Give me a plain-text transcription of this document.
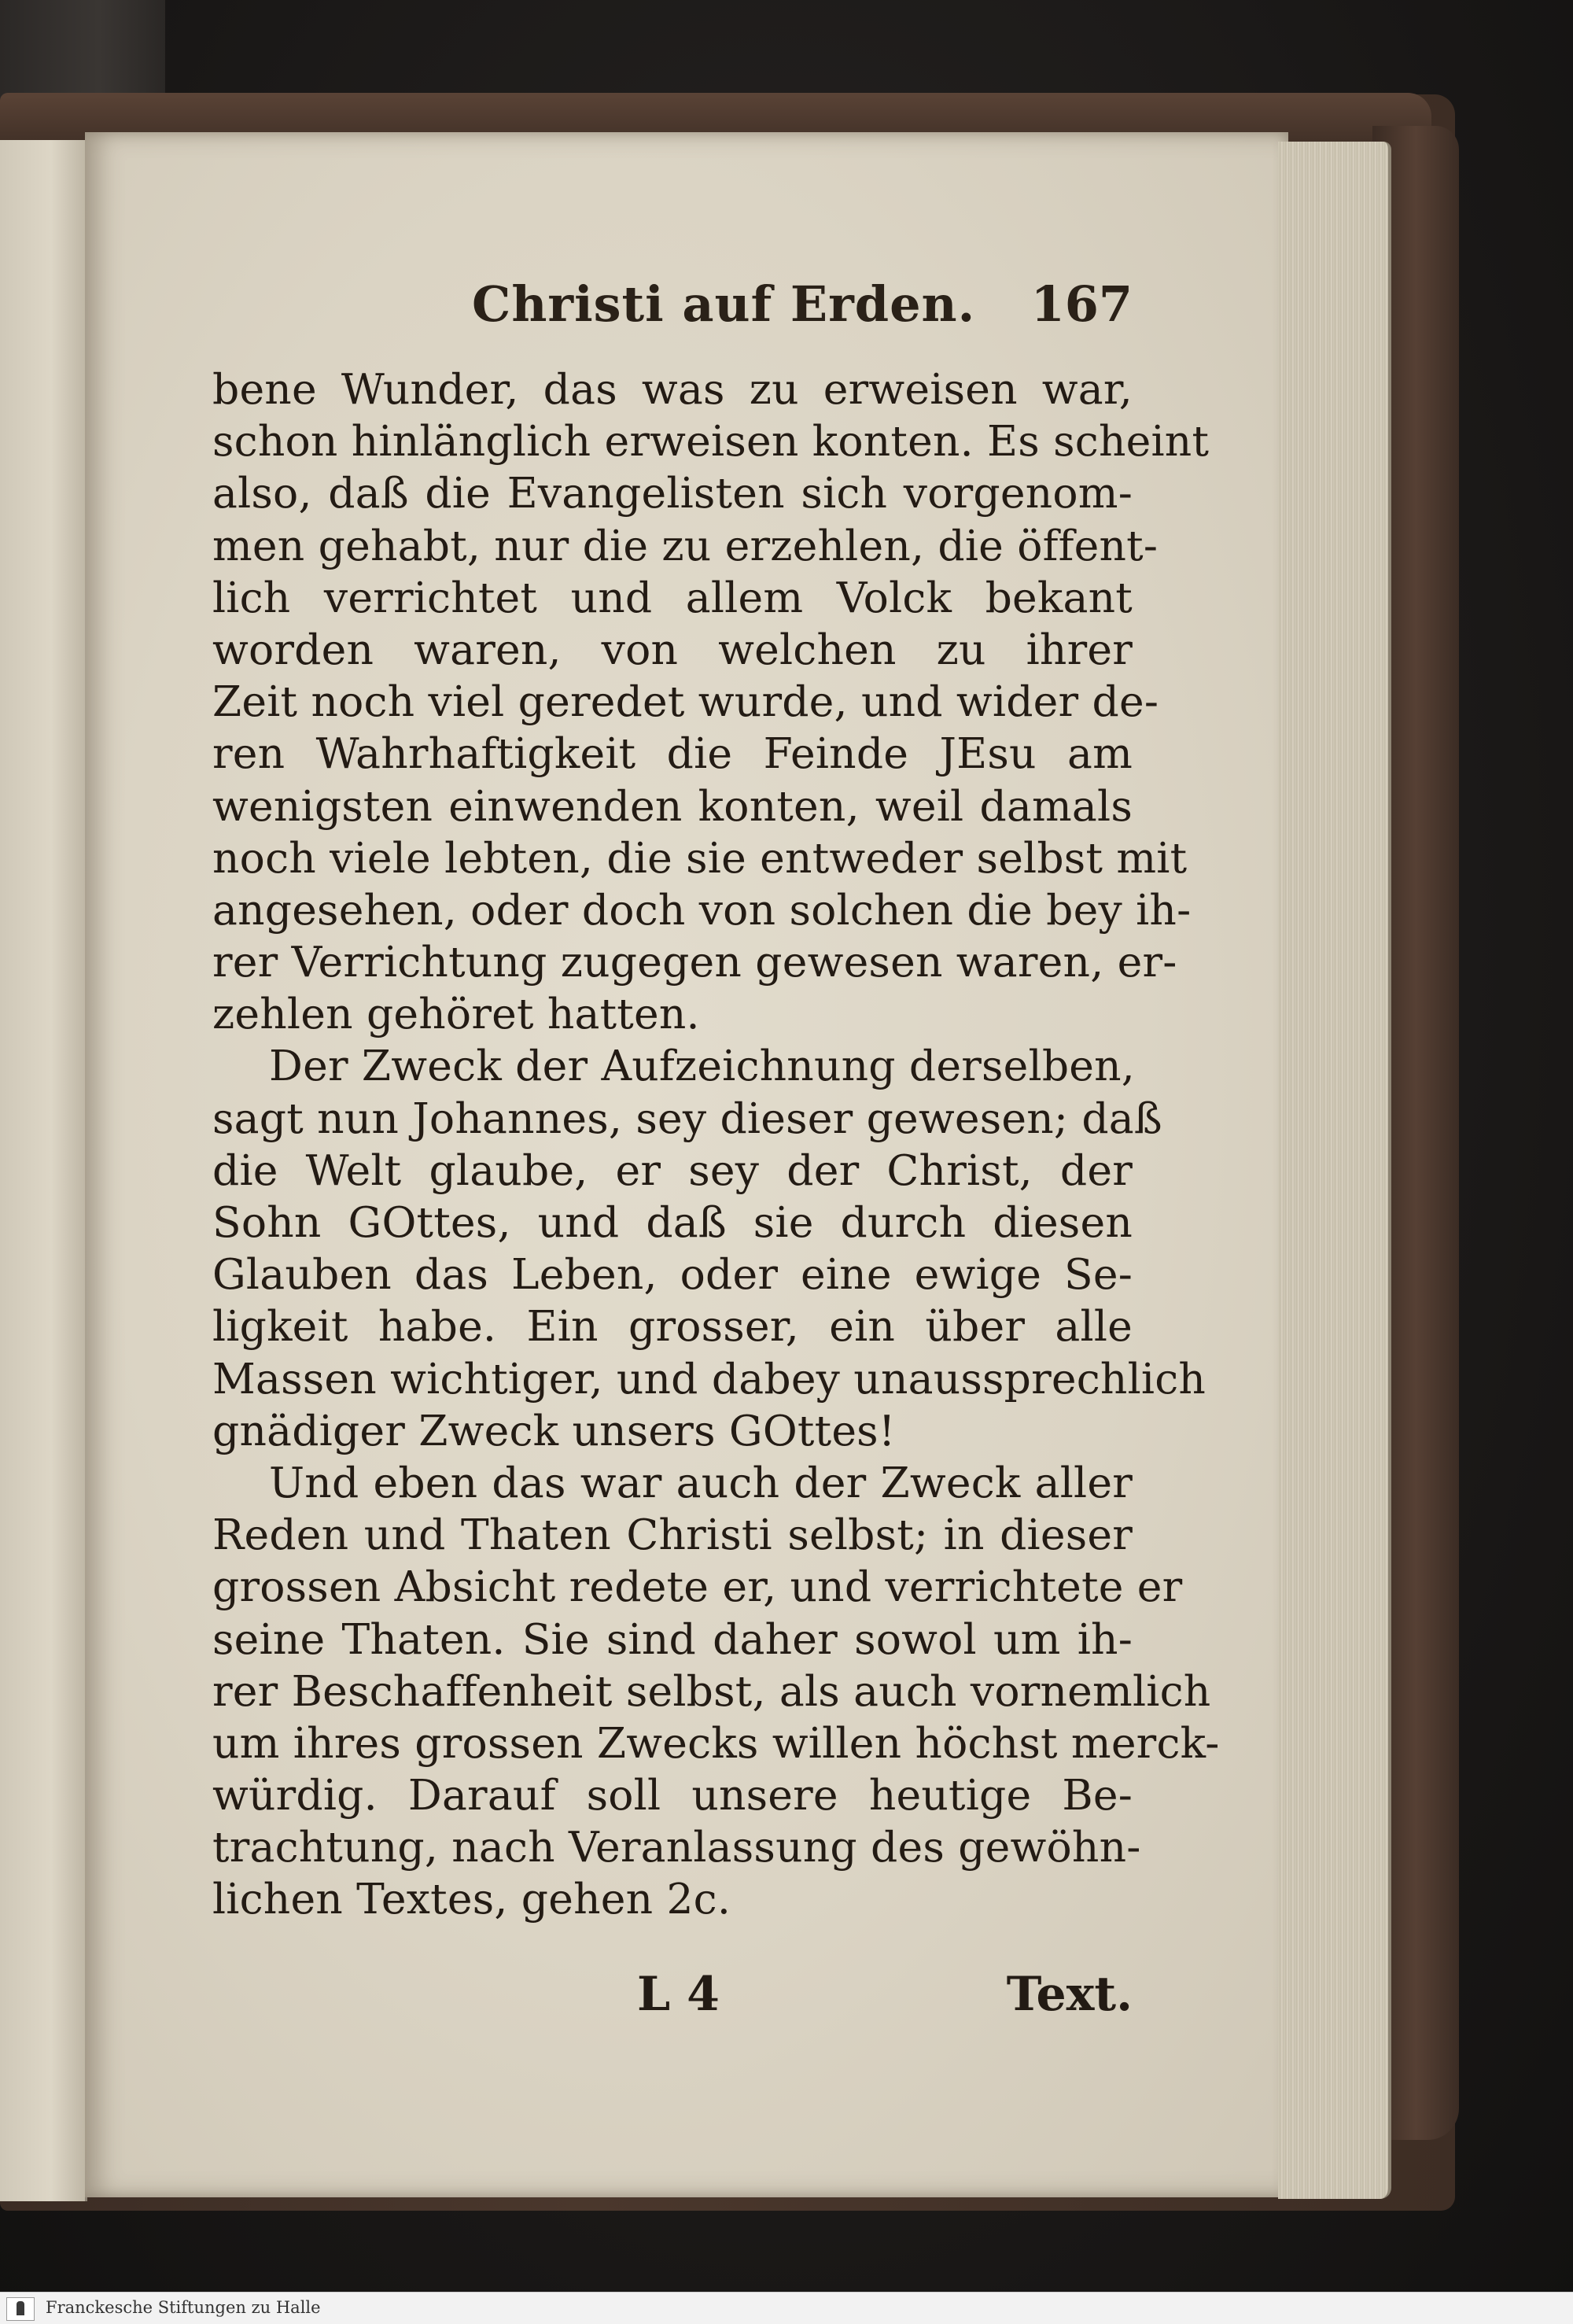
Christi auf Erden. 167
bene Wunder, das was zu erweisen war,
schon hinlänglich erweisen konten. Es scheint
also, daß die Evangelisten sich vorgenom-
men gehabt, nur die zu erzehlen, die öffent-
lich verrichtet und allem Volck bekant
worden waren, von welchen zu ihrer
Zeit noch viel geredet wurde, und wider de-
ren Wahrhaftigkeit die Feinde JEsu am
wenigsten einwenden konten, weil damals
noch viele lebten, die sie entweder selbst mit
angesehen, oder doch von solchen die bey ih-
rer Verrichtung zugegen gewesen waren, er-
zehlen gehöret hatten.
Der Zweck der Aufzeichnung derselben,
sagt nun Johannes, sey dieser gewesen; daß
die Welt glaube, er sey der Christ, der
Sohn GOttes, und daß sie durch diesen
Glauben das Leben, oder eine ewige Se-
ligkeit habe. Ein grosser, ein über alle
Massen wichtiger, und dabey unaussprechlich
gnädiger Zweck unsers GOttes!
Und eben das war auch der Zweck aller
Reden und Thaten Christi selbst; in dieser
grossen Absicht redete er, und verrichtete er
seine Thaten. Sie sind daher sowol um ih-
rer Beschaffenheit selbst, als auch vornemlich
um ihres grossen Zwecks willen höchst merck-
würdig. Darauf soll unsere heutige Be-
trachtung, nach Veranlassung des gewöhn-
lichen Textes, gehen 2c.
L 4	Text.
Franckesche Stiftungen zu Halle
